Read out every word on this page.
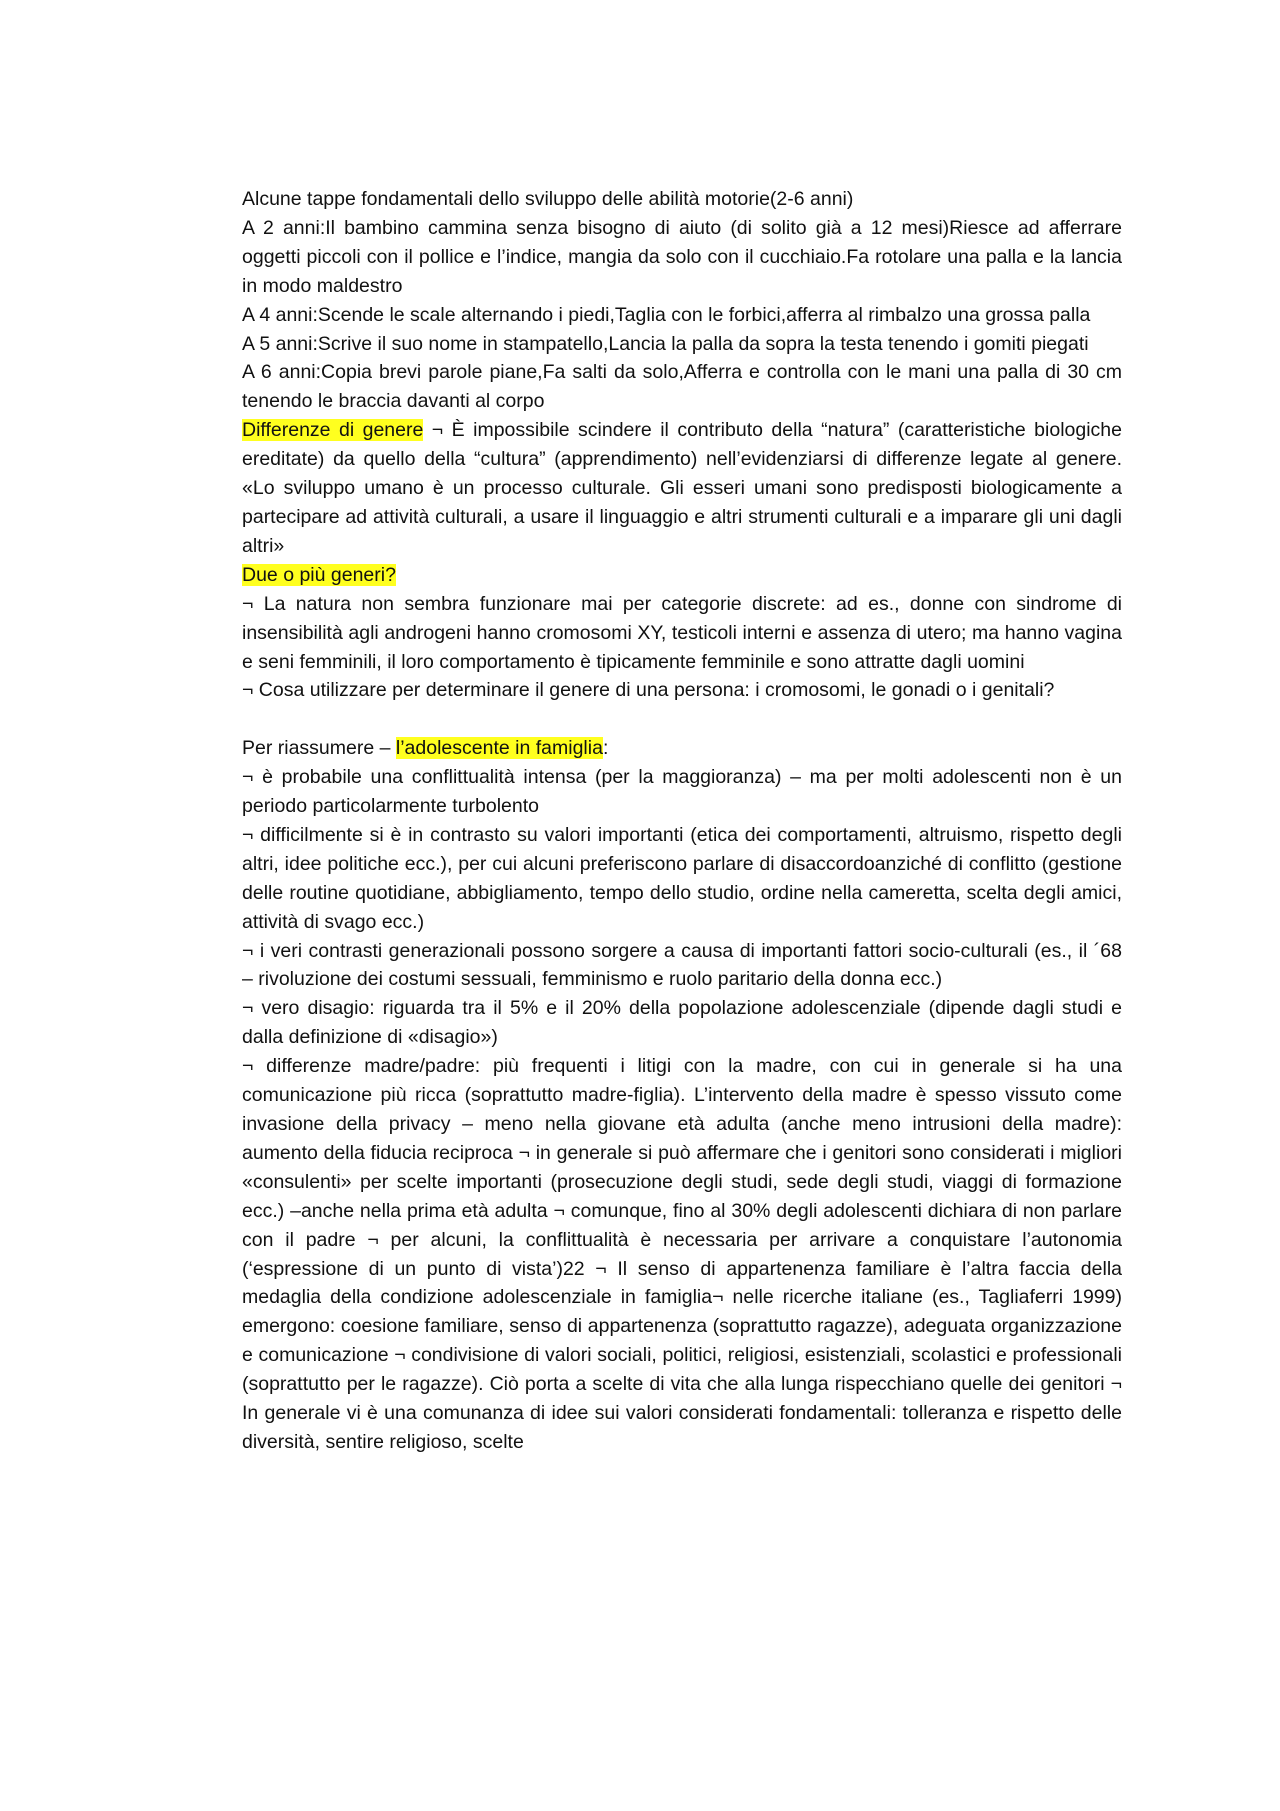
Alcune tappe fondamentali dello sviluppo delle abilità motorie(2-6 anni)

A 2 anni:Il bambino cammina senza bisogno di aiuto (di solito già a 12 mesi)Riesce ad afferrare oggetti piccoli con il pollice e l’indice, mangia da solo con il cucchiaio.Fa rotolare una palla e la lancia in modo maldestro

A 4 anni:Scende le scale alternando i piedi,Taglia con le forbici,afferra al rimbalzo una grossa palla

A 5 anni:Scrive il suo nome in stampatello,Lancia la palla da sopra la testa tenendo i gomiti piegati

A 6 anni:Copia brevi parole piane,Fa salti da solo,Afferra e controlla con le mani una palla di 30 cm tenendo le braccia davanti al corpo

Differenze di genere ¬ È impossibile scindere il contributo della “natura” (caratteristiche biologiche ereditate) da quello della “cultura” (apprendimento) nell’evidenziarsi di differenze legate al genere. «Lo sviluppo umano è un processo culturale. Gli esseri umani sono predisposti biologicamente a partecipare ad attività culturali, a usare il linguaggio e altri strumenti culturali e a imparare gli uni dagli altri»

Due o più generi?

¬ La natura non sembra funzionare mai per categorie discrete: ad es., donne con sindrome di insensibilità agli androgeni hanno cromosomi XY, testicoli interni e assenza di utero; ma hanno vagina e seni femminili, il loro comportamento è tipicamente femminile e sono attratte dagli uomini

¬ Cosa utilizzare per determinare il genere di una persona: i cromosomi, le gonadi o i genitali?

Per riassumere – l’adolescente in famiglia:

¬ è probabile una conflittualità intensa (per la maggioranza) – ma per molti adolescenti non è un periodo particolarmente turbolento

¬ difficilmente si è in contrasto su valori importanti (etica dei comportamenti, altruismo, rispetto degli altri, idee politiche ecc.), per cui alcuni preferiscono parlare di disaccordoanziché di conflitto (gestione delle routine quotidiane, abbigliamento, tempo dello studio, ordine nella cameretta, scelta degli amici, attività di svago ecc.)

¬ i veri contrasti generazionali possono sorgere a causa di importanti fattori socio-culturali (es., il ´68 – rivoluzione dei costumi sessuali, femminismo e ruolo paritario della donna ecc.)

¬ vero disagio: riguarda tra il 5% e il 20% della popolazione adolescenziale (dipende dagli studi e dalla definizione di «disagio»)

¬ differenze madre/padre: più frequenti i litigi con la madre, con cui in generale si ha una comunicazione più ricca (soprattutto madre-figlia). L’intervento della madre è spesso vissuto come invasione della privacy – meno nella giovane età adulta (anche meno intrusioni della madre): aumento della fiducia reciproca ¬ in generale si può affermare che i genitori sono considerati i migliori «consulenti» per scelte importanti (prosecuzione degli studi, sede degli studi, viaggi di formazione ecc.) –anche nella prima età adulta ¬ comunque, fino al 30% degli adolescenti dichiara di non parlare con il padre ¬ per alcuni, la conflittualità è necessaria per arrivare a conquistare l’autonomia (‘espressione di un punto di vista’)22 ¬ Il senso di appartenenza familiare è l’altra faccia della medaglia della condizione adolescenziale in famiglia¬ nelle ricerche italiane (es., Tagliaferri 1999) emergono: coesione familiare, senso di appartenenza (soprattutto ragazze), adeguata organizzazione e comunicazione ¬ condivisione di valori sociali, politici, religiosi, esistenziali, scolastici e professionali (soprattutto per le ragazze). Ciò porta a scelte di vita che alla lunga rispecchiano quelle dei genitori ¬ In generale vi è una comunanza di idee sui valori considerati fondamentali: tolleranza e rispetto delle diversità, sentire religioso, scelte
